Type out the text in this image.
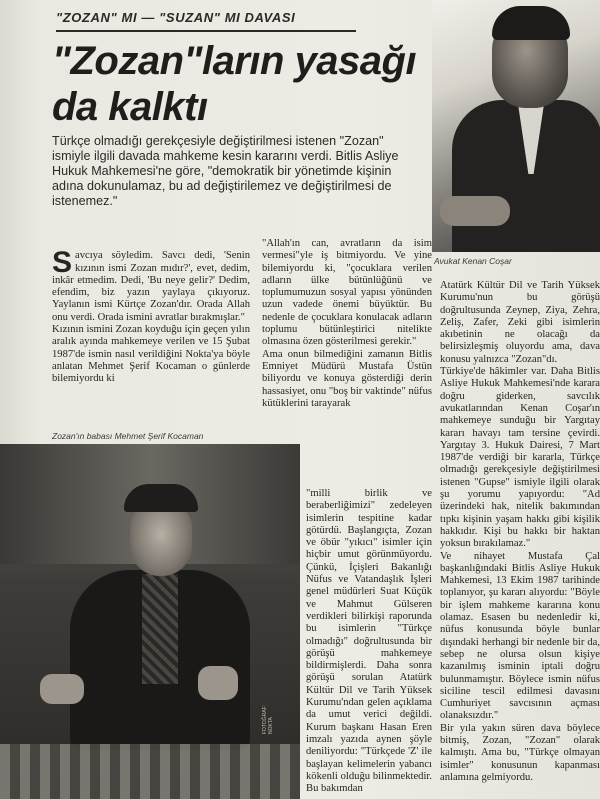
"ZOZAN" MI — "SUZAN" MI DAVASI
"Zozan"ların yasağı da kalktı
Türkçe olmadığı gerekçesiyle değiştirilmesi istenen "Zozan" ismiyle ilgili davada mahkeme kesin kararını verdi. Bitlis Asliye Hukuk Mahkemesi'ne göre, "demokratik bir yönetimde kişinin adına dokunulamaz, bu ad değiştirilemez ve değiştirilmesi de istenemez."
Avukat Kenan Coşar

Savcıya söyledim. Savcı dedi, 'Senin kızının ismi Zozan mıdır?', evet, dedim, inkâr etmedim. Dedi, 'Bu neye gelir?' Dedim, efendim, biz yazın yaylaya çıkıyoruz. Yaylanın ismi Kürtçe Zozan'dır. Orada Allah onu verdi. Orada ismini avratlar bırakmışlar."
Kızının ismini Zozan koyduğu için geçen yılın aralık ayında mahkemeye verilen ve 15 Şubat 1987'de ismin nasıl verildiğini Nokta'ya böyle anlatan Mehmet Şerif Kocaman o günlerde bilemiyordu ki

"Allah'ın can, avratların da isim vermesi"yle iş bitmiyordu. Ve yine bilemiyordu ki, "çocuklara verilen adların ülke bütünlüğünü ve toplumumuzun sosyal yapısı yönünden uzun vadede önemi büyüktür. Bu nedenle de çocuklara konulacak adların toplumu bütünleştirici nitelikte olmasına özen gösterilmesi gerekir."
Ama onun bilmediğini zamanın Bitlis Emniyet Müdürü Mustafa Üstün biliyordu ve konuya gösterdiği derin hassasiyet, onu "boş bir vaktinde" nüfus kütüklerini tarayarak
"milli birlik ve beraberliğimizi" zedeleyen isimlerin tespitine kadar götürdü. Başlangıçta, Zozan ve öbür "yıkıcı" isimler için hiçbir umut görünmüyordu. Çünkü, İçişleri Bakanlığı Nüfus ve Vatandaşlık İşleri genel müdürleri Suat Küçük ve Mahmut Gülseren verdikleri bilirkişi raporunda bu isimlerin "Türkçe olmadığı" doğrultusunda bir görüşü mahkemeye bildirmişlerdi. Daha sonra görüşü sorulan Atatürk Kültür Dil ve Tarih Yüksek Kurumu'ndan gelen açıklama da umut verici değildi. Kurum başkanı Hasan Eren imzalı yazıda aynen şöyle deniliyordu: "Türkçede 'Z' ile başlayan kelimelerin yabancı kökenli olduğu bilinmektedir. Bu bakımdan
Atatürk Kültür Dil ve Tarih Yüksek Kurumu'nun bu görüşü doğrultusunda Zeynep, Ziya, Zehra, Zeliş, Zafer, Zeki gibi isimlerin akıbetinin ne olacağı da belirsizleşmiş oluyordu ama, dava konusu yalnızca "Zozan"dı.
Türkiye'de hâkimler var. Daha Bitlis Asliye Hukuk Mahkemesi'nde karara doğru giderken, savcılık avukatlarından Kenan Coşar'ın mahkemeye sunduğu bir Yargıtay kararı havayı tam tersine çevirdi. Yargıtay 3. Hukuk Dairesi, 7 Mart 1987'de verdiği bir kararla, Türkçe olmadığı gerekçesiyle değiştirilmesi istenen "Gupse" ismiyle ilgili olarak şu yorumu yapıyordu: "Ad üzerindeki hak, nitelik bakımından tıpkı kişinin yaşam hakkı gibi kişilik hakkıdır. Kişi bu hakkı bir haktan yoksun bırakılamaz."
Ve nihayet Mustafa Çal başkanlığındaki Bitlis Asliye Hukuk Mahkemesi, 13 Ekim 1987 tarihinde toplanıyor, şu kararı alıyordu: "Böyle bir işlem mahkeme kararına konu olamaz. Esasen bu nedenledir ki, nüfus konusunda böyle bunlar dışındaki herhangi bir nedenle bir da, sebep ne olursa olsun kişiye kazanılmış isminin iptali doğru bulunmamıştır. Böylece ismin nüfus siciline tescil edilmesi davasını Cumhuriyet savcısının açması olanaksızdır."
Bir yıla yakın süren dava böylece bitmiş, Zozan, "Zozan" olarak kalmıştı. Ama bu, "Türkçe olmayan isimler" konusunun kapanması anlamına gelmiyordu.
Zozan'ın babası Mehmet Şerif Kocaman
FOTOĞRAF: NOKTA
